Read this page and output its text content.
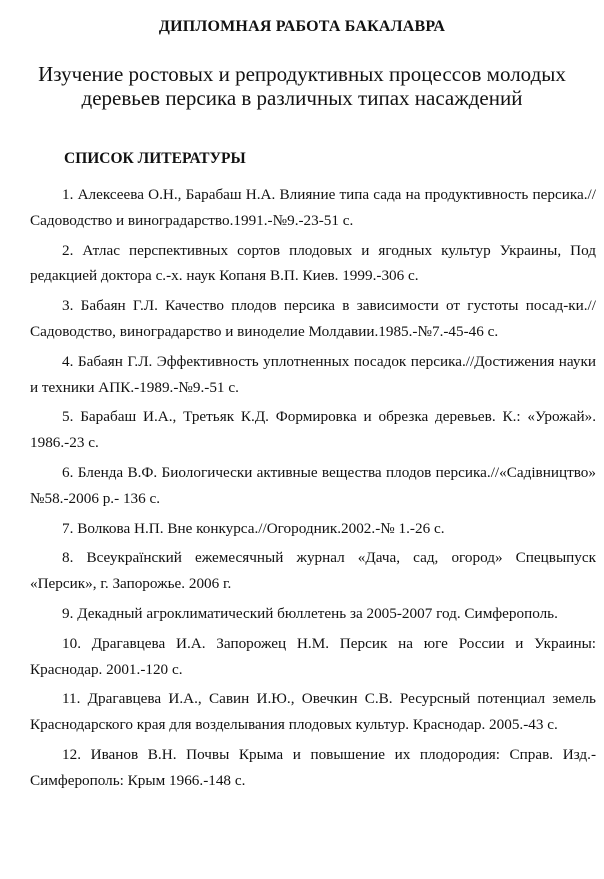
ДИПЛОМНАЯ РАБОТА БАКАЛАВРА
Изучение ростовых и репродуктивных процессов молодых
деревьев персика в различных типах насаждений
СПИСОК ЛИТЕРАТУРЫ

1. Алексеева О.Н., Барабаш Н.А. Влияние типа сада на продуктивность персика.//Садоводство и виноградарство.1991.-№9.-23-51 с.

2. Атлас перспективных сортов плодовых и ягодных культур Украины, Под редакцией доктора с.-х. наук Копаня В.П. Киев. 1999.-306 с.

3. Бабаян Г.Л. Качество плодов персика в зависимости от густоты посад-ки.//Садоводство, виноградарство и виноделие Молдавии.1985.-№7.-45-46 с.

4. Бабаян Г.Л. Эффективность уплотненных посадок персика.//Достижения науки и техники АПК.-1989.-№9.-51 с.

5. Барабаш И.А., Третьяк К.Д. Формировка и обрезка деревьев. К.: «Урожай». 1986.-23 с.

6. Бленда В.Ф. Биологически активные вещества плодов персика.//«Садівництво» №58.-2006 р.- 136 с.

7. Волкова Н.П. Вне конкурса.//Огородник.2002.-№ 1.-26 с.

8. Всеукраїнский ежемесячный журнал «Дача, сад, огород» Спецвыпуск «Персик», г. Запорожье. 2006 г.

9. Декадный агроклиматический бюллетень за 2005-2007 год. Симферополь.

10. Драгавцева И.А. Запорожец Н.М. Персик на юге России и Украины: Краснодар. 2001.-120 с.

11. Драгавцева И.А., Савин И.Ю., Овечкин С.В. Ресурсный потенциал земель Краснодарского края для возделывания плодовых культур. Краснодар. 2005.-43 с.

12. Иванов В.Н. Почвы Крыма и повышение их плодородия: Справ. Изд.-Симферополь: Крым 1966.-148 с.
